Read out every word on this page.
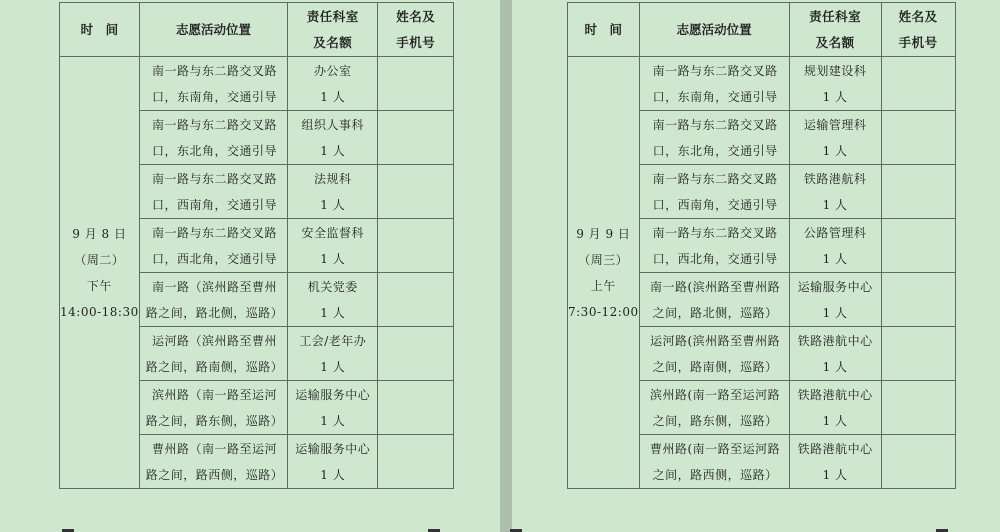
时　间	志愿活动位置	责任科室
及名额	姓名及
手机号

9 月 8 日
（周二）
下午
14:00-18:30	南一路与东二路交叉路
口，东南角，交通引导	办公室
1 人	

	南一路与东二路交叉路
口，东北角，交通引导	组织人事科
1 人	

	南一路与东二路交叉路
口，西南角，交通引导	法规科
1 人	

	南一路与东二路交叉路
口，西北角，交通引导	安全监督科
1 人	

	南一路（滨州路至曹州
路之间，路北侧，巡路）	机关党委
1 人	

	运河路（滨州路至曹州
路之间，路南侧，巡路）	工会/老年办
1 人	

	滨州路（南一路至运河
路之间，路东侧，巡路）	运输服务中心
1 人	

	曹州路（南一路至运河
路之间，路西侧，巡路）	运输服务中心
1 人	

时　间	志愿活动位置	责任科室
及名额	姓名及
手机号

9 月 9 日
（周三）
上午
7:30-12:00	南一路与东二路交叉路
口，东南角，交通引导	规划建设科
1 人	

	南一路与东二路交叉路
口，东北角，交通引导	运输管理科
1 人	

	南一路与东二路交叉路
口，西南角，交通引导	铁路港航科
1 人	

	南一路与东二路交叉路
口，西北角，交通引导	公路管理科
1 人	

	南一路(滨州路至曹州路
之间，路北侧，巡路）	运输服务中心
1 人	

	运河路(滨州路至曹州路
之间，路南侧，巡路）	铁路港航中心
1 人	

	滨州路(南一路至运河路
之间，路东侧，巡路）	铁路港航中心
1 人	

	曹州路(南一路至运河路
之间，路西侧，巡路）	铁路港航中心
1 人	
